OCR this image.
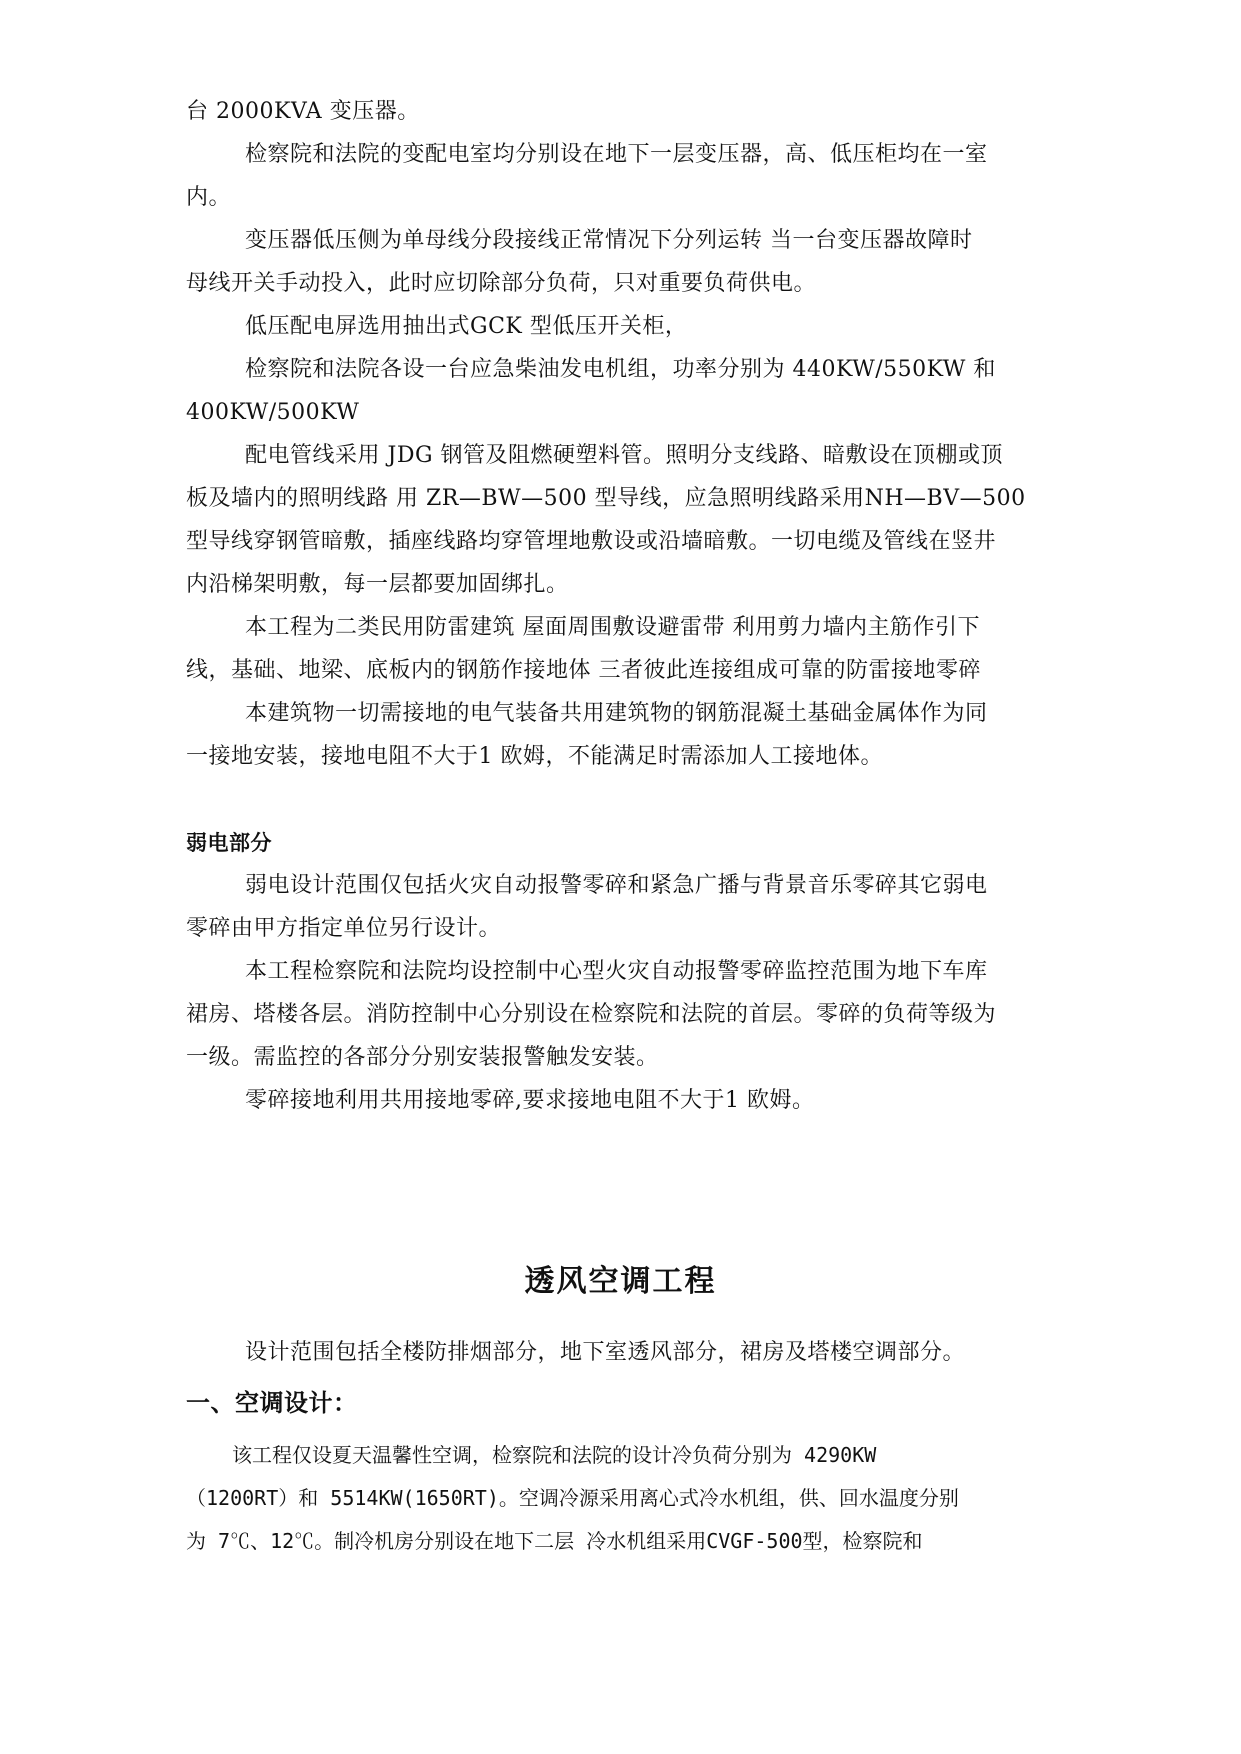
台 2000KVA 变压器。
检察院和法院的变配电室均分别设在地下一层变压器，高、低压柜均在一室
内。
变压器低压侧为单母线分段接线正常情况下分列运转 当一台变压器故障时
母线开关手动投入，此时应切除部分负荷，只对重要负荷供电。
低压配电屏选用抽出式GCK 型低压开关柜，
检察院和法院各设一台应急柴油发电机组，功率分别为 440KW/550KW 和
400KW/500KW
配电管线采用 JDG 钢管及阻燃硬塑料管。照明分支线路、暗敷设在顶棚或顶
板及墙内的照明线路 用 ZR—BW—500 型导线，应急照明线路采用NH—BV—500
型导线穿钢管暗敷，插座线路均穿管埋地敷设或沿墙暗敷。一切电缆及管线在竖井
内沿梯架明敷，每一层都要加固绑扎。
本工程为二类民用防雷建筑 屋面周围敷设避雷带 利用剪力墙内主筋作引下
线，基础、地梁、底板内的钢筋作接地体 三者彼此连接组成可靠的防雷接地零碎
本建筑物一切需接地的电气装备共用建筑物的钢筋混凝土基础金属体作为同
一接地安装，接地电阻不大于1 欧姆，不能满足时需添加人工接地体。
弱电部分
弱电设计范围仅包括火灾自动报警零碎和紧急广播与背景音乐零碎其它弱电
零碎由甲方指定单位另行设计。
本工程检察院和法院均设控制中心型火灾自动报警零碎监控范围为地下车库
裙房、塔楼各层。消防控制中心分别设在检察院和法院的首层。零碎的负荷等级为
一级。需监控的各部分分别安装报警触发安装。
零碎接地利用共用接地零碎,要求接地电阻不大于1 欧姆。
透风空调工程
设计范围包括全楼防排烟部分，地下室透风部分，裙房及塔楼空调部分。
一、空调设计：
该工程仅设夏天温馨性空调，检察院和法院的设计冷负荷分别为 4290KW
（1200RT）和 5514KW(1650RT)。空调冷源采用离心式冷水机组，供、回水温度分别
为 7℃、12℃。制冷机房分别设在地下二层 冷水机组采用CVGF-500型，检察院和
